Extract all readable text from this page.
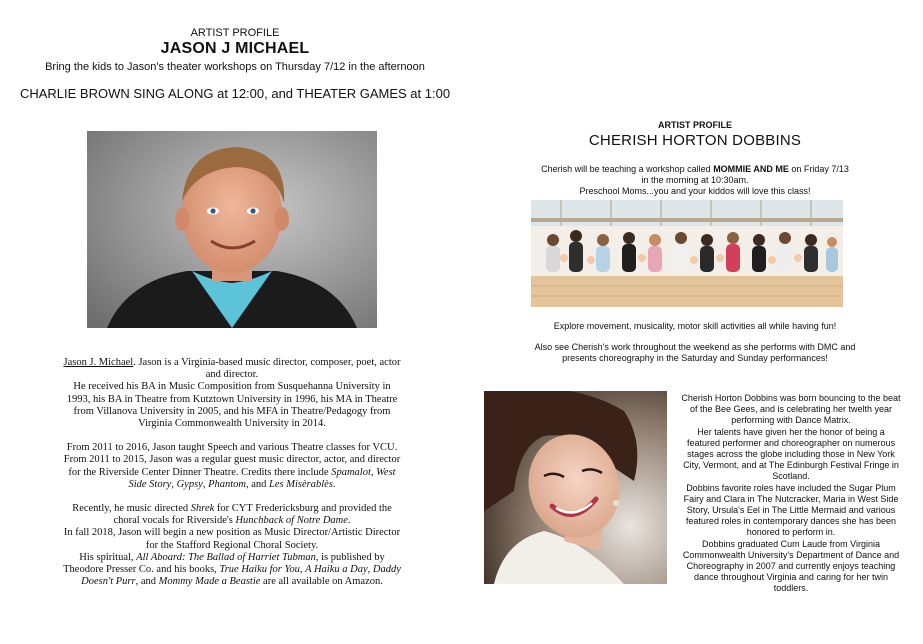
ARTIST PROFILE

JASON J MICHAEL

Bring the kids to Jason's theater workshops on Thursday 7/12 in the afternoon

CHARLIE BROWN SING ALONG at 12:00, and THEATER GAMES at 1:00

Jason J. Michael. Jason is a Virginia-based music director, composer, poet, actor
and director.
He received his BA in Music Composition from Susquehanna University in
1993, his BA in Theatre from Kutztown University in 1996, his MA in Theatre
from Villanova University in 2005, and his MFA in Theatre/Pedagogy from
Virginia Commonwealth University in 2014.

From 2011 to 2016, Jason taught Speech and various Theatre classes for VCU.
From 2011 to 2015, Jason was a regular guest music director, actor, and director
for the Riverside Center Dinner Theatre. Credits there include Spamalot, West
Side Story, Gypsy, Phantom, and Les Misèrablès.

Recently, he music directed Shrek for CYT Fredericksburg and provided the
choral vocals for Riverside's Hunchback of Notre Dame.
In fall 2018, Jason will begin a new position as Music Director/Artistic Director
for the Stafford Regional Choral Society.
His spiritual, All Aboard: The Ballad of Harriet Tubman, is published by
Theodore Presser Co. and his books, True Haiku for You, A Haiku a Day, Daddy
Doesn't Purr, and Mommy Made a Beastie are all available on Amazon.

ARTIST PROFILE

CHERISH HORTON DOBBINS

Cherish will be teaching a workshop called MOMMIE AND ME on Friday 7/13
in the morning at 10:30am.
Preschool Moms...you and your kiddos will love this class!

Explore movement, musicality, motor skill activities all while having fun!
Also see Cherish's work throughout the weekend as she performs with DMC and
presents choreography in the Saturday and Sunday performances!
Cherish Horton Dobbins was born bouncing to the beat
of the Bee Gees, and is celebrating her twelth year
performing with Dance Matrix.
Her talents have given her the honor of being a
featured performer and choreographer on numerous
stages across the globe including those in New York
City, Vermont, and at The Edinburgh Festival Fringe in
Scotland.
Dobbins favorite roles have included the Sugar Plum
Fairy and Clara in The Nutcracker, Maria in West Side
Story, Ursula's Eel in The Little Mermaid and various
featured roles in contemporary dances she has been
honored to perform in.
Dobbins graduated Cum Laude from Virginia
Commonwealth University's Department of Dance and
Choreography in 2007 and currently enjoys teaching
dance throughout Virginia and caring for her twin
toddlers.
